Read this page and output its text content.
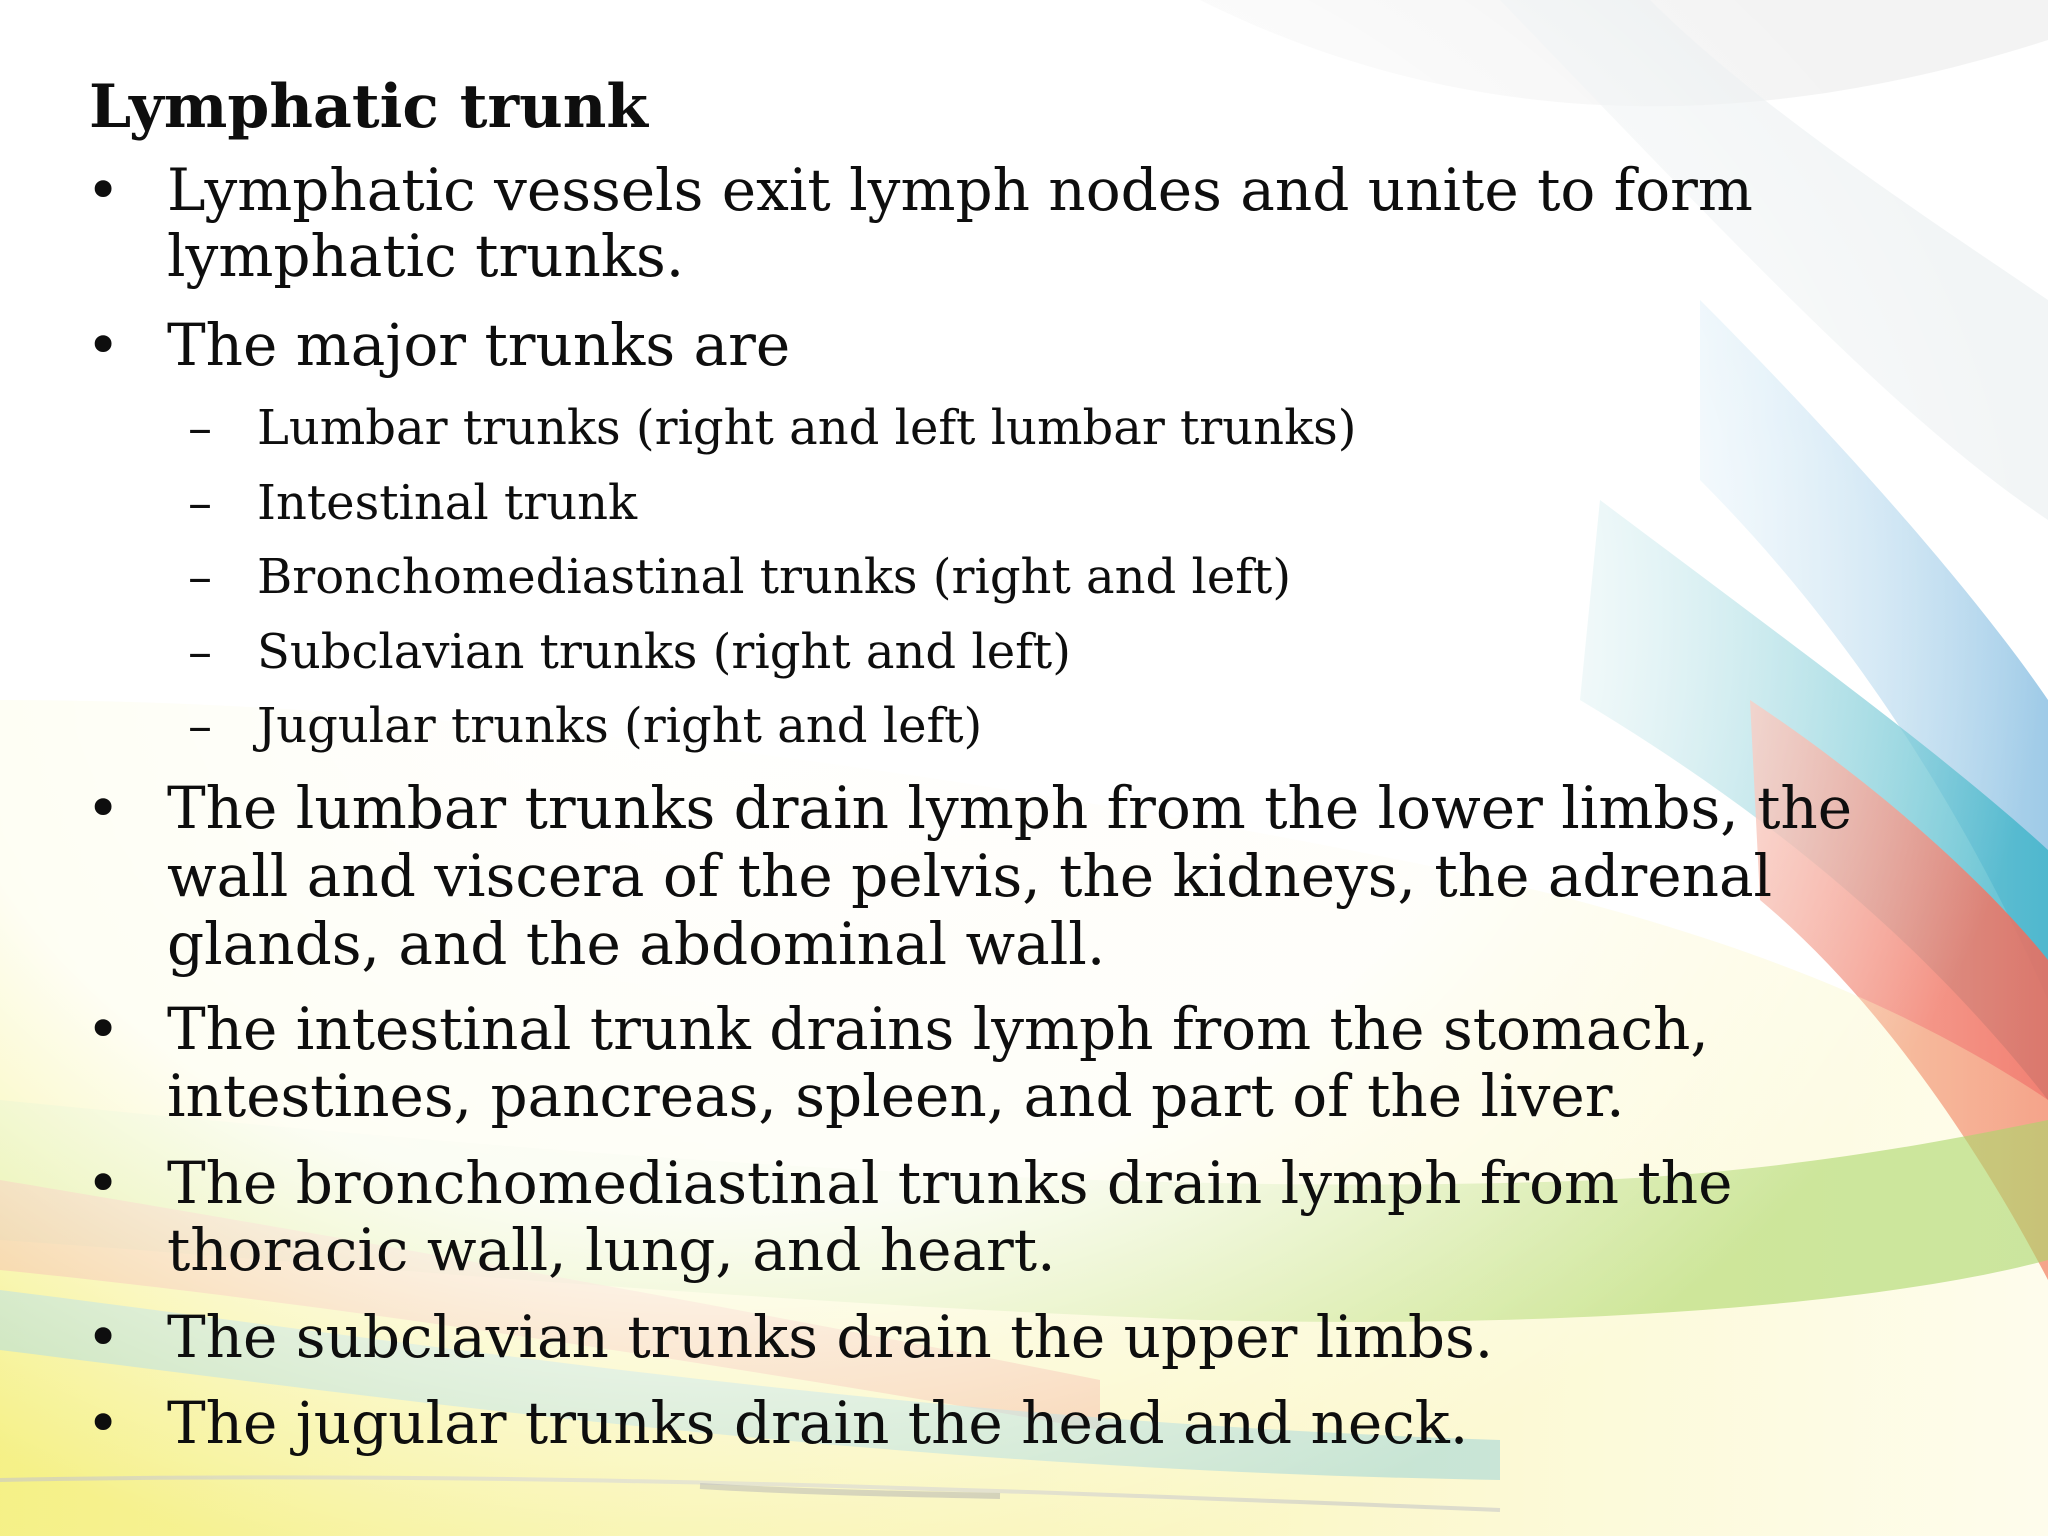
Lymphatic trunk
• Lymphatic vessels exit lymph nodes and unite to form
lymphatic trunks.
• The major trunks are
– Lumbar trunks (right and left lumbar trunks)
– Intestinal trunk
– Bronchomediastinal trunks (right and left)
– Subclavian trunks (right and left)
– Jugular trunks (right and left)
• The lumbar trunks drain lymph from the lower limbs, the
wall and viscera of the pelvis, the kidneys, the adrenal
glands, and the abdominal wall.
• The intestinal trunk drains lymph from the stomach,
intestines, pancreas, spleen, and part of the liver.
• The bronchomediastinal trunks drain lymph from the
thoracic wall, lung, and heart.
• The subclavian trunks drain the upper limbs.
• The jugular trunks drain the head and neck.
